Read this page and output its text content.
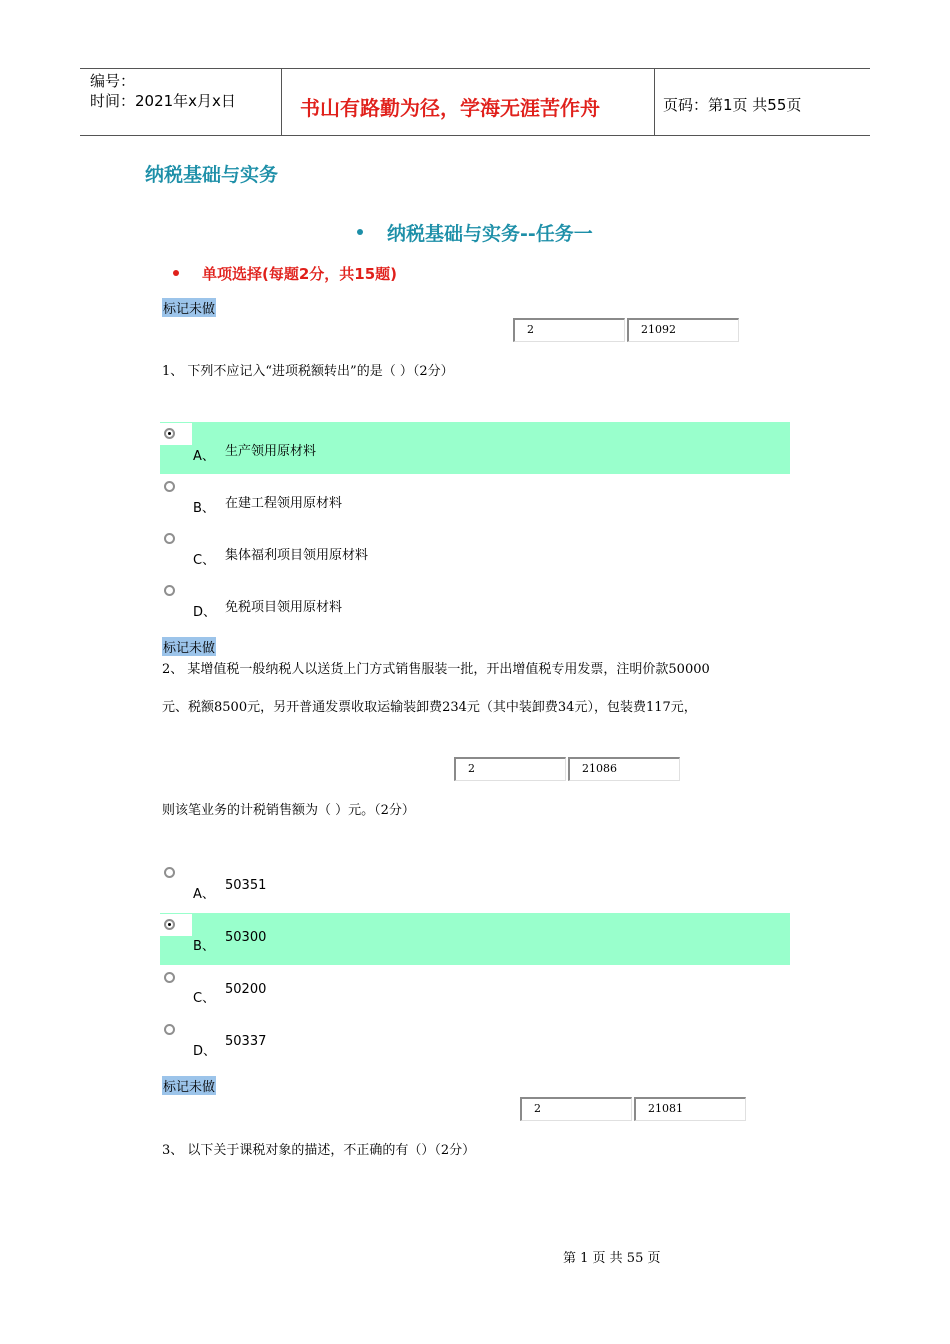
编号：
时间：2021年x月x日	书山有路勤为径，学海无涯苦作舟	页码：第1页 共55页
纳税基础与实务
纳税基础与实务--任务一
单项选择(每题2分，共15题)
标记未做
2	21092
1、 下列不应记入“进项税额转出”的是（ ）（2分）
A、 生产领用原材料
B、 在建工程领用原材料
C、 集体福利项目领用原材料
D、 免税项目领用原材料
标记未做
2、 某增值税一般纳税人以送货上门方式销售服装一批，开出增值税专用发票，注明价款50000
元、税额8500元，另开普通发票收取运输装卸费234元（其中装卸费34元），包装费117元，
2	21086
则该笔业务的计税销售额为（ ）元。（2分）
A、
50351
B、
50300
C、
50200
D、
50337
标记未做
2	21081
3、 以下关于课税对象的描述，不正确的有（）（2分）
第 1 页 共 55 页
